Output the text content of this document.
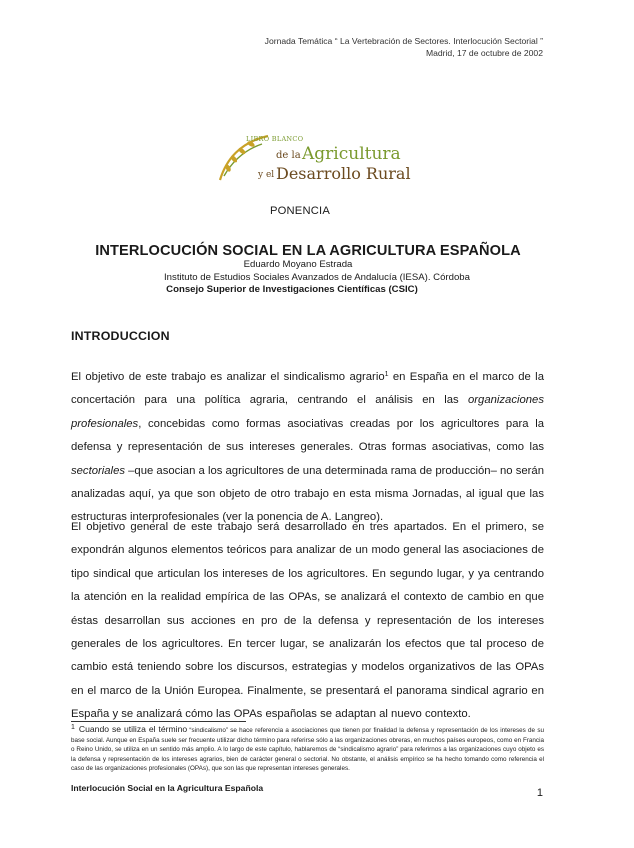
Jornada Temática “ La Vertebración de Sectores. Interlocución Sectorial ”
Madrid, 17 de octubre de 2002
LIBRO BLANCO
de la Agricultura
y el Desarrollo Rural
PONENCIA
INTERLOCUCIÓN SOCIAL EN LA AGRICULTURA ESPAÑOLA
Eduardo Moyano Estrada
Instituto de Estudios Sociales Avanzados de Andalucía (IESA). Córdoba
Consejo Superior de Investigaciones Científicas (CSIC)
INTRODUCCION

El objetivo de este trabajo es analizar el sindicalismo agrario$^1$ en España en el marco de la concertación para una política agraria, centrando el análisis en las organizaciones profesionales, concebidas como formas asociativas creadas por los agricultores para la defensa y representación de sus intereses generales. Otras formas asociativas, como las sectoriales –que asocian a los agricultores de una determinada rama de producción– no serán analizadas aquí, ya que son objeto de otro trabajo en esta misma Jornadas, al igual que las estructuras interprofesionales (ver la ponencia de A. Langreo).

El objetivo general de este trabajo será desarrollado en tres apartados. En el primero, se expondrán algunos elementos teóricos para analizar de un modo general las asociaciones de tipo sindical que articulan los intereses de los agricultores. En segundo lugar, y ya centrando la atención en la realidad empírica de las OPAs, se analizará el contexto de cambio en que éstas desarrollan sus acciones en pro de la defensa y representación de los intereses generales de los agricultores. En tercer lugar, se analizarán los efectos que tal proceso de cambio está teniendo sobre los discursos, estrategias y modelos organizativos de las OPAs en el marco de la Unión Europea. Finalmente, se presentará el panorama sindical agrario en España y se analizará cómo las OPAs españolas se adaptan al nuevo contexto.

$^1$ Cuando se utiliza el término “sindicalismo” se hace referencia a asociaciones que tienen por finalidad la defensa y representación de los intereses de su base social. Aunque en España suele ser frecuente utilizar dicho término para referirse sólo a las organizaciones obreras, en muchos países europeos, como en Francia o Reino Unido, se utiliza en un sentido más amplio. A lo largo de este capítulo, hablaremos de “sindicalismo agrario” para referirnos a las organizaciones cuyo objeto es la defensa y representación de los intereses agrarios, bien de carácter general o sectorial. No obstante, el análisis empírico se ha hecho tomando como referencia el caso de las organizaciones profesionales (OPAs), que son las que representan intereses generales.

Interlocución Social en la Agricultura Española	1
